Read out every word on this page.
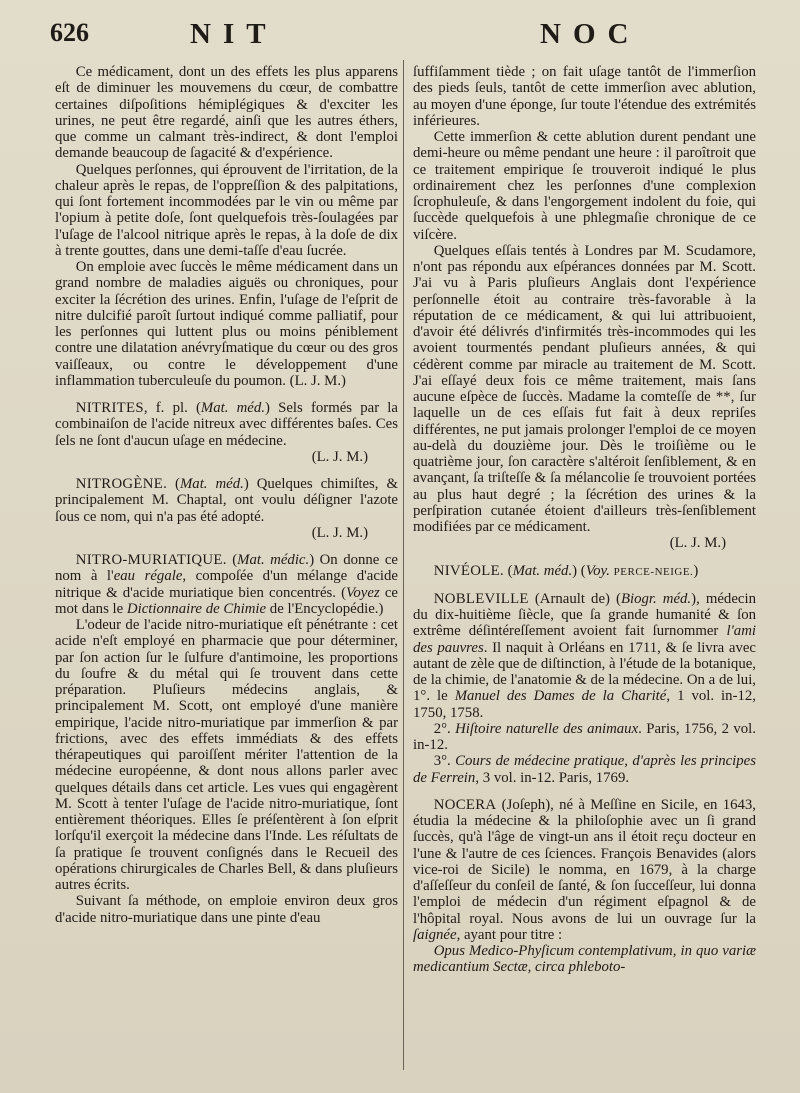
626	NIT	NOC

Ce médicament, dont un des effets les plus apparens eſt de diminuer les mouvemens du cœur, de combattre certaines diſpoſitions hémiplégiques & d'exciter les urines, ne peut être regardé, ainſi que les autres éthers, que comme un calmant très-indirect, & dont l'emploi demande beaucoup de ſagacité & d'expérience.

Quelques perſonnes, qui éprouvent de l'irritation, de la chaleur après le repas, de l'oppreſſion & des palpitations, qui ſont fortement incommodées par le vin ou même par l'opium à petite doſe, ſont quelquefois très-ſoulagées par l'uſage de l'alcool nitrique après le repas, à la doſe de dix à trente gouttes, dans une demi-taſſe d'eau ſucrée.

On emploie avec ſuccès le même médicament dans un grand nombre de maladies aiguës ou chroniques, pour exciter la ſécrétion des urines. Enfin, l'uſage de l'eſprit de nitre dulcifié paroît ſurtout indiqué comme palliatif, pour les perſonnes qui luttent plus ou moins péniblement contre une dilatation anévryſmatique du cœur ou des gros vaiſſeaux, ou contre le développement d'une inflammation tuberculeuſe du poumon. (L. J. M.)

NITRITES, f. pl. (Mat. méd.) Sels formés par la combinaiſon de l'acide nitreux avec différentes baſes. Ces ſels ne ſont d'aucun uſage en médecine.

(L. J. M.)

NITROGÈNE. (Mat. méd.) Quelques chimiſtes, & principalement M. Chaptal, ont voulu déſigner l'azote ſous ce nom, qui n'a pas été adopté.

(L. J. M.)

NITRO-MURIATIQUE. (Mat. médic.) On donne ce nom à l'eau régale, compoſée d'un mélange d'acide nitrique & d'acide muriatique bien concentrés. (Voyez ce mot dans le Dictionnaire de Chimie de l'Encyclopédie.)

L'odeur de l'acide nitro-muriatique eſt pénétrante : cet acide n'eſt employé en pharmacie que pour déterminer, par ſon action ſur le ſulfure d'antimoine, les proportions du ſoufre & du métal qui ſe trouvent dans cette préparation. Pluſieurs médecins anglais, & principalement M. Scott, ont employé d'une manière empirique, l'acide nitro-muriatique par immerſion & par frictions, avec des effets immédiats & des effets thérapeutiques qui paroiſſent mériter l'attention de la médecine européenne, & dont nous allons parler avec quelques détails dans cet article. Les vues qui engagèrent M. Scott à tenter l'uſage de l'acide nitro-muriatique, ſont entièrement théoriques. Elles ſe préſentèrent à ſon eſprit lorſqu'il exerçoit la médecine dans l'Inde. Les réſultats de ſa pratique ſe trouvent conſignés dans le Recueil des opérations chirurgicales de Charles Bell, & dans pluſieurs autres écrits.

Suivant ſa méthode, on emploie environ deux gros d'acide nitro-muriatique dans une pinte d'eau

ſuffiſamment tiède ; on fait uſage tantôt de l'immerſion des pieds ſeuls, tantôt de cette immerſion avec ablution, au moyen d'une éponge, ſur toute l'étendue des extrémités inférieures.

Cette immerſion & cette ablution durent pendant une demi-heure ou même pendant une heure : il paroîtroit que ce traitement empirique ſe trouveroit indiqué le plus ordinairement chez les perſonnes d'une complexion ſcrophuleuſe, & dans l'engorgement indolent du foie, qui ſuccède quelquefois à une phlegmaſie chronique de ce viſcère.

Quelques eſſais tentés à Londres par M. Scudamore, n'ont pas répondu aux eſpérances données par M. Scott. J'ai vu à Paris pluſieurs Anglais dont l'expérience perſonnelle étoit au contraire très-favorable à la réputation de ce médicament, & qui lui attribuoient, d'avoir été délivrés d'infirmités très-incommodes qui les avoient tourmentés pendant pluſieurs années, & qui cédèrent comme par miracle au traitement de M. Scott. J'ai eſſayé deux fois ce même traitement, mais ſans aucune eſpèce de ſuccès. Madame la comteſſe de **, ſur laquelle un de ces eſſais fut fait à deux repriſes différentes, ne put jamais prolonger l'emploi de ce moyen au-delà du douzième jour. Dès le troiſième ou le quatrième jour, ſon caractère s'altéroit ſenſiblement, & en avançant, ſa triſteſſe & ſa mélancolie ſe trouvoient portées au plus haut degré ; la ſécrétion des urines & la perſpiration cutanée étoient d'ailleurs très-ſenſiblement modifiées par ce médicament.

(L. J. M.)

NIVÉOLE. (Mat. méd.) (Voy. PERCE-NEIGE.)

NOBLEVILLE (Arnault de) (Biogr. méd.), médecin du dix-huitième ſiècle, que ſa grande humanité & ſon extrême déſintéreſſement avoient fait ſurnommer l'ami des pauvres. Il naquit à Orléans en 1711, & ſe livra avec autant de zèle que de diſtinction, à l'étude de la botanique, de la chimie, de l'anatomie & de la médecine. On a de lui, 1°. le Manuel des Dames de la Charité, 1 vol. in-12, 1750, 1758.

2°. Hiſtoire naturelle des animaux. Paris, 1756, 2 vol. in-12.

3°. Cours de médecine pratique, d'après les principes de Ferrein, 3 vol. in-12. Paris, 1769.

NOCERA (Joſeph), né à Meſſine en Sicile, en 1643, étudia la médecine & la philoſophie avec un ſi grand ſuccès, qu'à l'âge de vingt-un ans il étoit reçu docteur en l'une & l'autre de ces ſciences. François Benavides (alors vice-roi de Sicile) le nomma, en 1679, à la charge d'aſſeſſeur du conſeil de ſanté, & ſon ſucceſſeur, lui donna l'emploi de médecin d'un régiment eſpagnol & de l'hôpital royal. Nous avons de lui un ouvrage ſur la ſaignée, ayant pour titre :

Opus Medico-Phyſicum contemplativum, in quo variæ medicantium Sectæ, circa phleboto-
